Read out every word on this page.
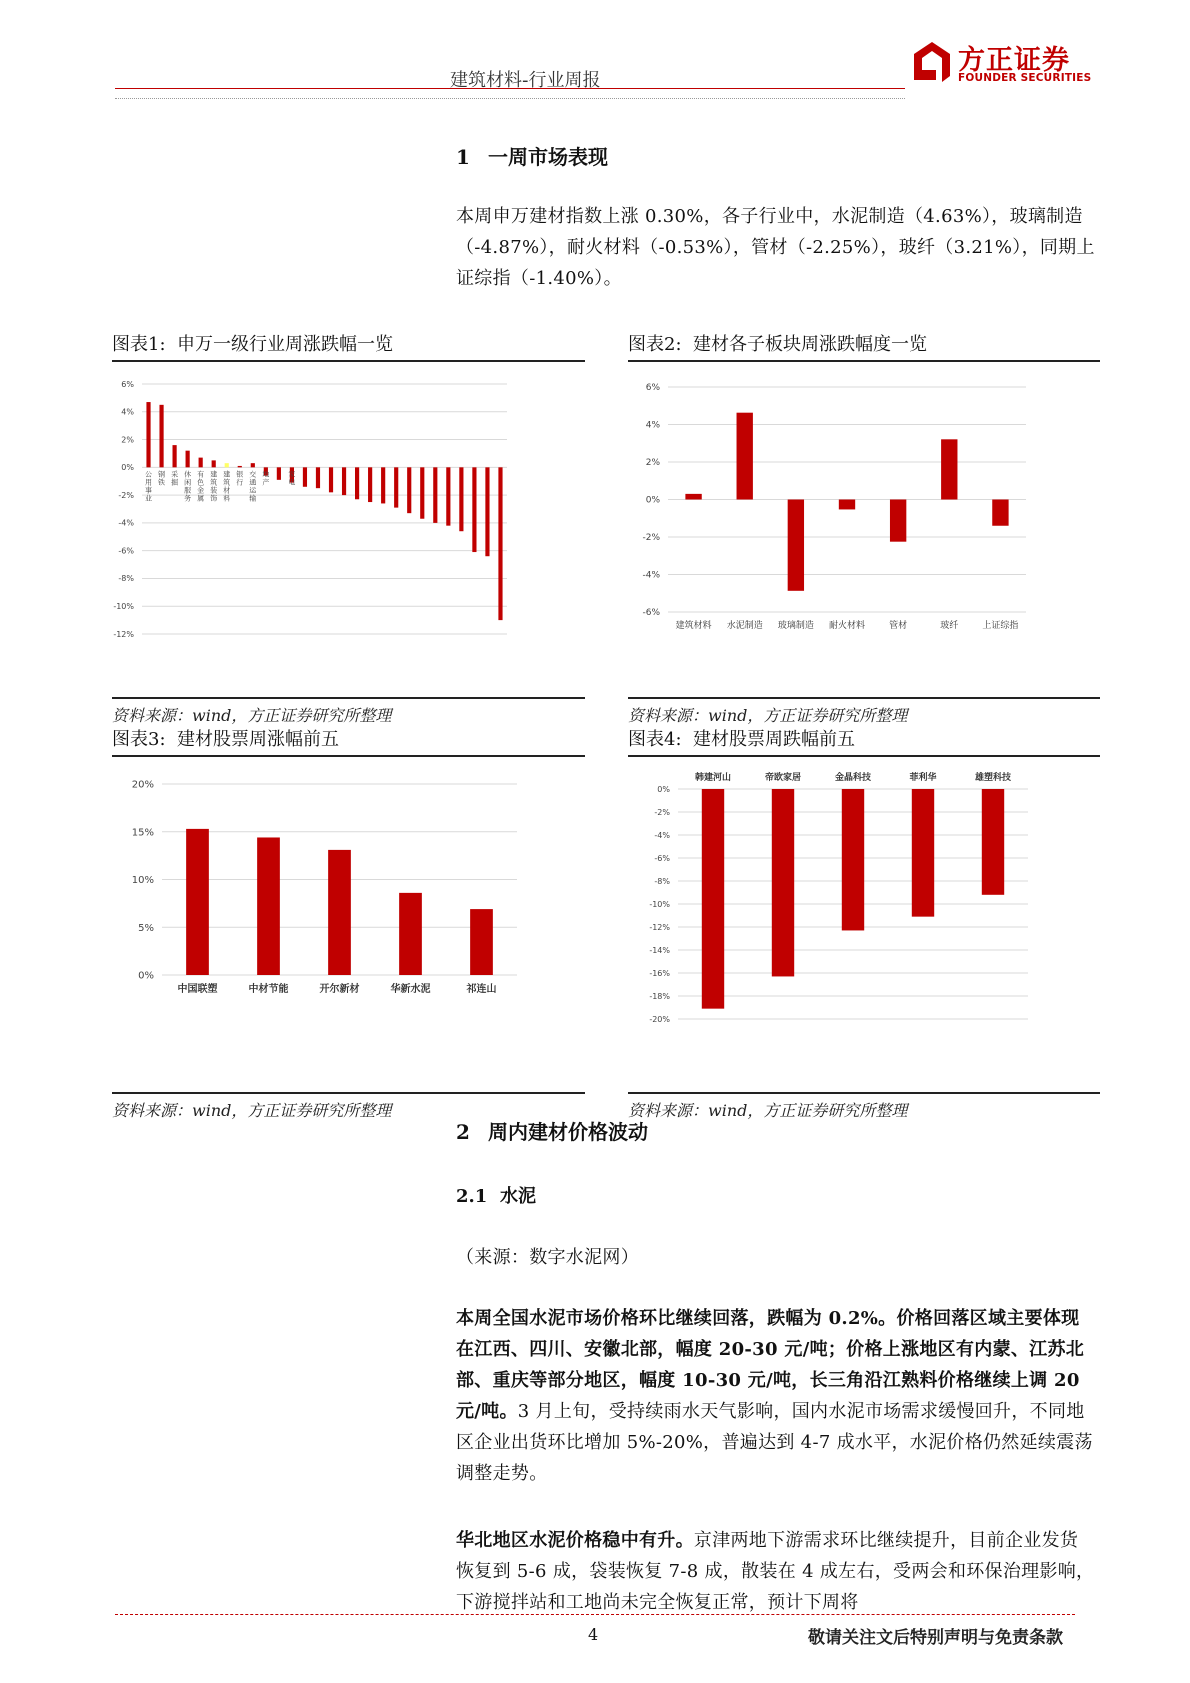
建筑材料-行业周报
方正证券
FOUNDER SECURITIES
1 一周市场表现
本周申万建材指数上涨 0.30%，各子行业中，水泥制造（4.63%），玻璃制造（-4.87%），耐火材料（-0.53%），管材（-2.25%），玻纤（3.21%），同期上证综指（-1.40%）。
图表1: 申万一级行业周涨跌幅一览
6%
4%
2%
0%
-2%
-4%
-6%
-8%
-10%
-12%
公
用
事
业
钢
铁
采
掘
休
闲
服
务
有
色
金
属
建
筑
装
饰
建
筑
材
料
银
行
交
通
运
输
地
产
家
电
资料来源：wind，方正证券研究所整理
图表2: 建材各子板块周涨跌幅度一览
6%
4%
2%
0%
-2%
-4%
-6%
建筑材料 水泥制造 玻璃制造 耐火材料	管材	玻纤	上证综指
资料来源：wind，方正证券研究所整理
图表3: 建材股票周涨幅前五
20%
15%
10%
5%
0%
中国联塑	中材节能	开尔新材	华新水泥	祁连山
资料来源：wind，方正证券研究所整理
图表4: 建材股票周跌幅前五
0%
-2%
-4%
-6%
-8%
-10%
-12%
-14%
-16%
-18%
-20%
韩建河山	帝欧家居	金晶科技	菲利华	雄塑科技
资料来源：wind，方正证券研究所整理
2 周内建材价格波动
2.1 水泥
（来源：数字水泥网）
本周全国水泥市场价格环比继续回落，跌幅为 0.2%。价格回落区域主要体现在江西、四川、安徽北部，幅度 20-30 元/吨；价格上涨地区有内蒙、江苏北部、重庆等部分地区，幅度 10-30 元/吨，长三角沿江熟料价格继续上调 20 元/吨。3 月上旬，受持续雨水天气影响，国内水泥市场需求缓慢回升，不同地区企业出货环比增加 5%-20%，普遍达到 4-7 成水平，水泥价格仍然延续震荡调整走势。
华北地区水泥价格稳中有升。京津两地下游需求环比继续提升，目前企业发货恢复到 5-6 成，袋装恢复 7-8 成，散装在 4 成左右，受两会和环保治理影响，下游搅拌站和工地尚未完全恢复正常，预计下周将
4	敬请关注文后特别声明与免责条款
